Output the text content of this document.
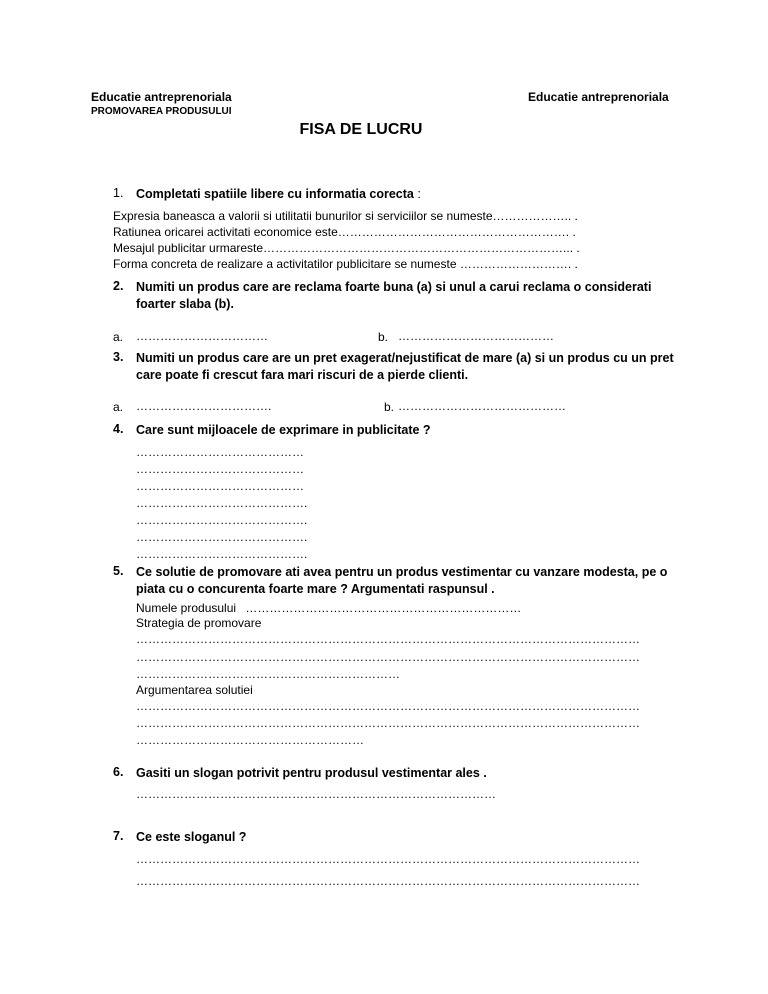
Educatie antreprenoriala
PROMOVAREA PRODUSULUI
Educatie antreprenoriala
FISA DE LUCRU
1. Completati spatiile libere cu informatia corecta :
Expresia baneasca a valorii si utilitatii bunurilor si serviciilor se numeste……………….. .
Ratiunea oricarei activitati economice este…………………………………………………. .
Mesajul publicitar urmareste…………………………………………………………………... .
Forma concreta de realizare a activitatilor publicitare se numeste ………………………. .
2. Numiti un produs care are reclama foarte buna (a) si unul a carui reclama o considerati foarter slaba (b).
a. ……………………………	b. …………………………………
3. Numiti un produs care are un pret exagerat/nejustificat de mare (a) si un produs cu un pret care poate fi crescut fara mari riscuri de a pierde clienti.
a. …………………………….	b. ……………………………………
4. Care sunt mijloacele de exprimare in publicitate ?
……………………………………
……………………………………
……………………………………
…………………………………….
…………………………………….
…………………………………….
…………………………………….
5. Ce solutie de promovare ati avea pentru un produs vestimentar cu vanzare modesta, pe o piata cu o concurenta foarte mare ? Argumentati raspunsul .
Numele produsului ……………………………………………………………
Strategia de promovare
………………………………………………………………………………………………………………
………………………………………………………………………………………………………………
…………………………………………………………
Argumentarea solutiei
………………………………………………………………………………………………………………
………………………………………………………………………………………………………………
…………………………………………………
6. Gasiti un slogan potrivit pentru produsul vestimentar ales .
………………………………………………………………………………
7. Ce este sloganul ?
………………………………………………………………………………………………………………
………………………………………………………………………………………………………………
